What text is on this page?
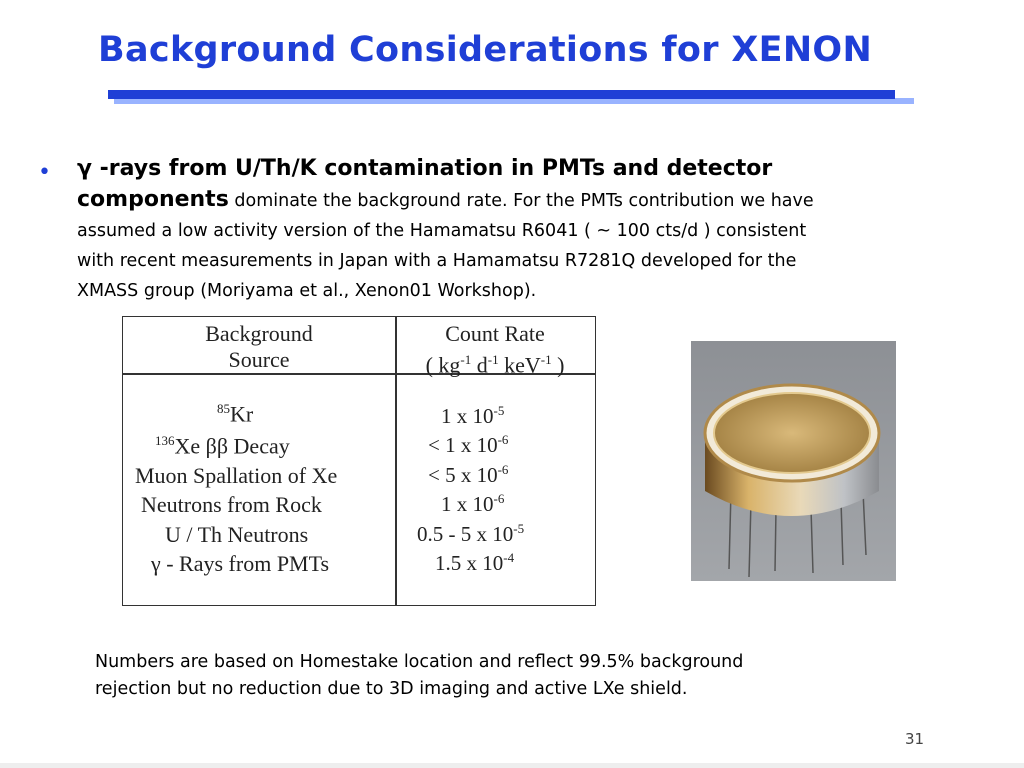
Background Considerations for XENON
• γ -rays from U/Th/K contamination in PMTs and detector
components dominate the background rate. For the PMTs contribution we have
assumed a low activity version of the Hamamatsu R6041 ( ~ 100 cts/d ) consistent
with recent measurements in Japan with a Hamamatsu R7281Q developed for the
XMASS group (Moriyama et al., Xenon01 Workshop).
Background
Source
Count Rate
( $kg^{-1}$ $d^{-1}$ keV$^{-1}$ )
$^{85}$Kr
$^{136}$Xe ββ Decay
Muon Spallation of Xe
Neutrons from Rock
U / Th Neutrons
γ - Rays from PMTs
1 x $10^{-5}$
< 1 x $10^{-6}$
< 5 x $10^{-6}$
1 x $10^{-6}$
0.5 - 5 x $10^{-5}$
1.5 x $10^{-4}$
Numbers are based on Homestake location and reflect 99.5% background
rejection but no reduction due to 3D imaging and active LXe shield.
31
